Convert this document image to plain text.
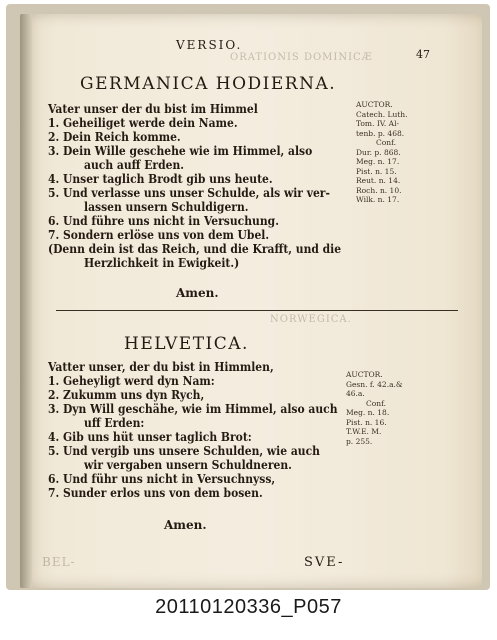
VERSIO.
47
ORATIONIS DOMINICÆ
GERMANICA HODIERNA.
Vater unser der du bist im Himmel
1. Geheiliget werde dein Name.
2. Dein Reich komme.
3. Dein Wille geschehe wie im Himmel, also
auch auff Erden.
4. Unser taglich Brodt gib uns heute.
5. Und verlasse uns unser Schulde, als wir ver-
lassen unsern Schuldigern.
6. Und führe uns nicht in Versuchung.
7. Sondern erlöse uns von dem Ubel.
(Denn dein ist das Reich, und die Krafft, und die
Herzlichkeit in Ewigkeit.)
AUCTOR.
Catech. Luth.
Tom. IV. Al-
tenb. p. 468.
Conf.
Dur. p. 868.
Meg. n. 17.
Pist. n. 15.
Reut. n. 14.
Roch. n. 10.
Wilk. n. 17.
Amen.
NORWEGICA.
HELVETICA.
Vatter unser, der du bist in Himmlen,
1. Geheyligt werd dyn Nam:
2. Zukumm uns dyn Rych,
3. Dyn Will geschähe, wie im Himmel, also auch
uff Erden:
4. Gib uns hüt unser taglich Brot:
5. Und vergib uns unsere Schulden, wie auch
wir vergaben unsern Schuldneren.
6. Und führ uns nicht in Versuchnyss,
7. Sunder erlos uns von dem bosen.
AUCTOR.
Gesn. f. 42.a.&
46.a.
Conf.
Meg. n. 18.
Pist. n. 16.
T.W.E. M.
p. 255.
Amen.
BEL-	SVE-
20110120336_P057
